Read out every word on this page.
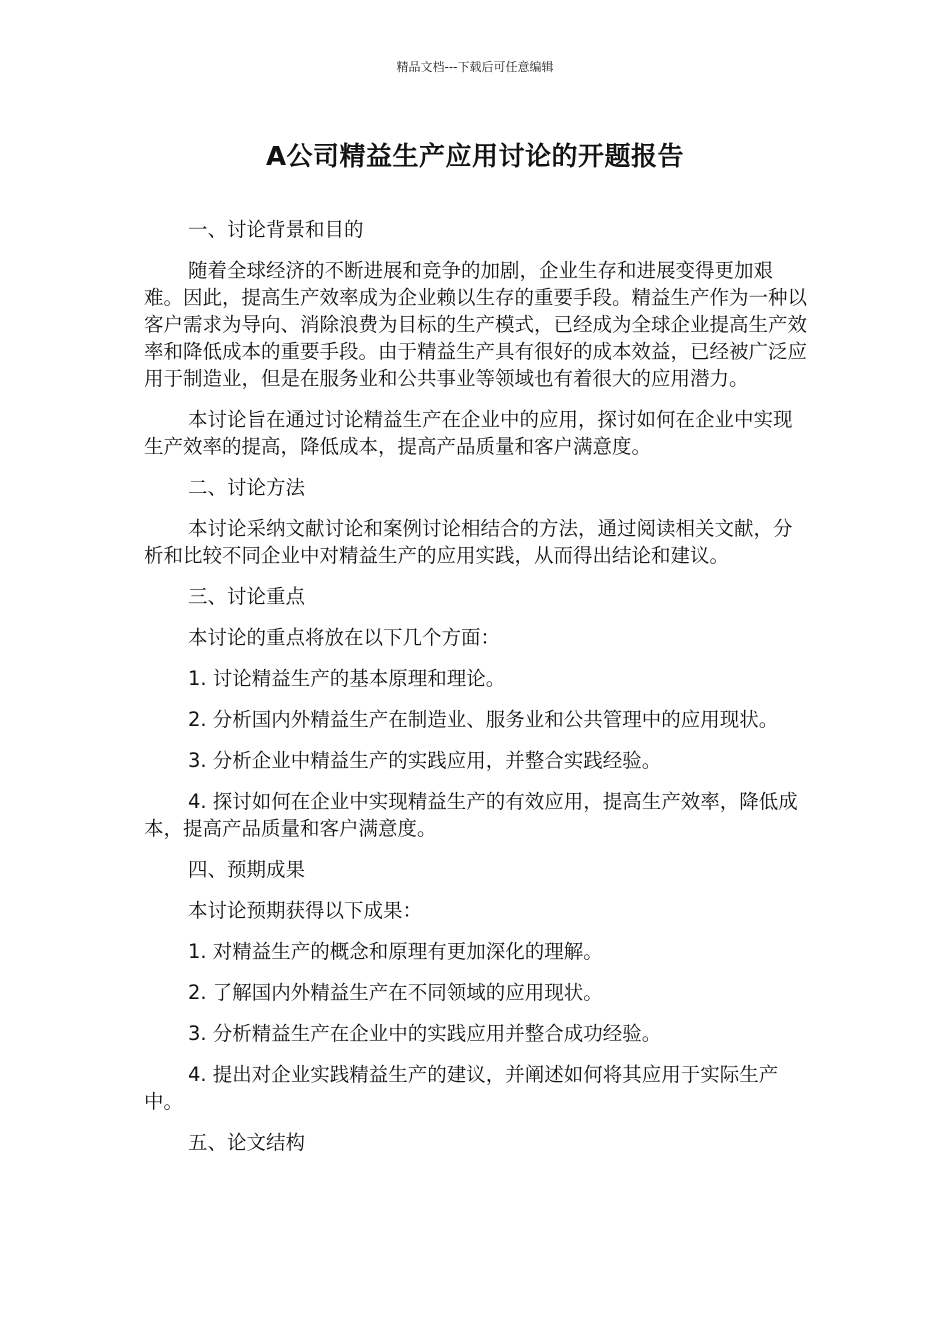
精品文档---下载后可任意编辑
A公司精益生产应用讨论的开题报告

一、讨论背景和目的

随着全球经济的不断进展和竞争的加剧，企业生存和进展变得更加艰难。因此，提高生产效率成为企业赖以生存的重要手段。精益生产作为一种以客户需求为导向、消除浪费为目标的生产模式，已经成为全球企业提高生产效率和降低成本的重要手段。由于精益生产具有很好的成本效益，已经被广泛应用于制造业，但是在服务业和公共事业等领域也有着很大的应用潜力。

本讨论旨在通过讨论精益生产在企业中的应用，探讨如何在企业中实现生产效率的提高，降低成本，提高产品质量和客户满意度。

二、讨论方法

本讨论采纳文献讨论和案例讨论相结合的方法，通过阅读相关文献，分析和比较不同企业中对精益生产的应用实践，从而得出结论和建议。

三、讨论重点

本讨论的重点将放在以下几个方面：

1. 讨论精益生产的基本原理和理论。

2. 分析国内外精益生产在制造业、服务业和公共管理中的应用现状。

3. 分析企业中精益生产的实践应用，并整合实践经验。

4. 探讨如何在企业中实现精益生产的有效应用，提高生产效率，降低成本，提高产品质量和客户满意度。

四、预期成果

本讨论预期获得以下成果：

1. 对精益生产的概念和原理有更加深化的理解。

2. 了解国内外精益生产在不同领域的应用现状。

3. 分析精益生产在企业中的实践应用并整合成功经验。

4. 提出对企业实践精益生产的建议，并阐述如何将其应用于实际生产中。

五、论文结构
